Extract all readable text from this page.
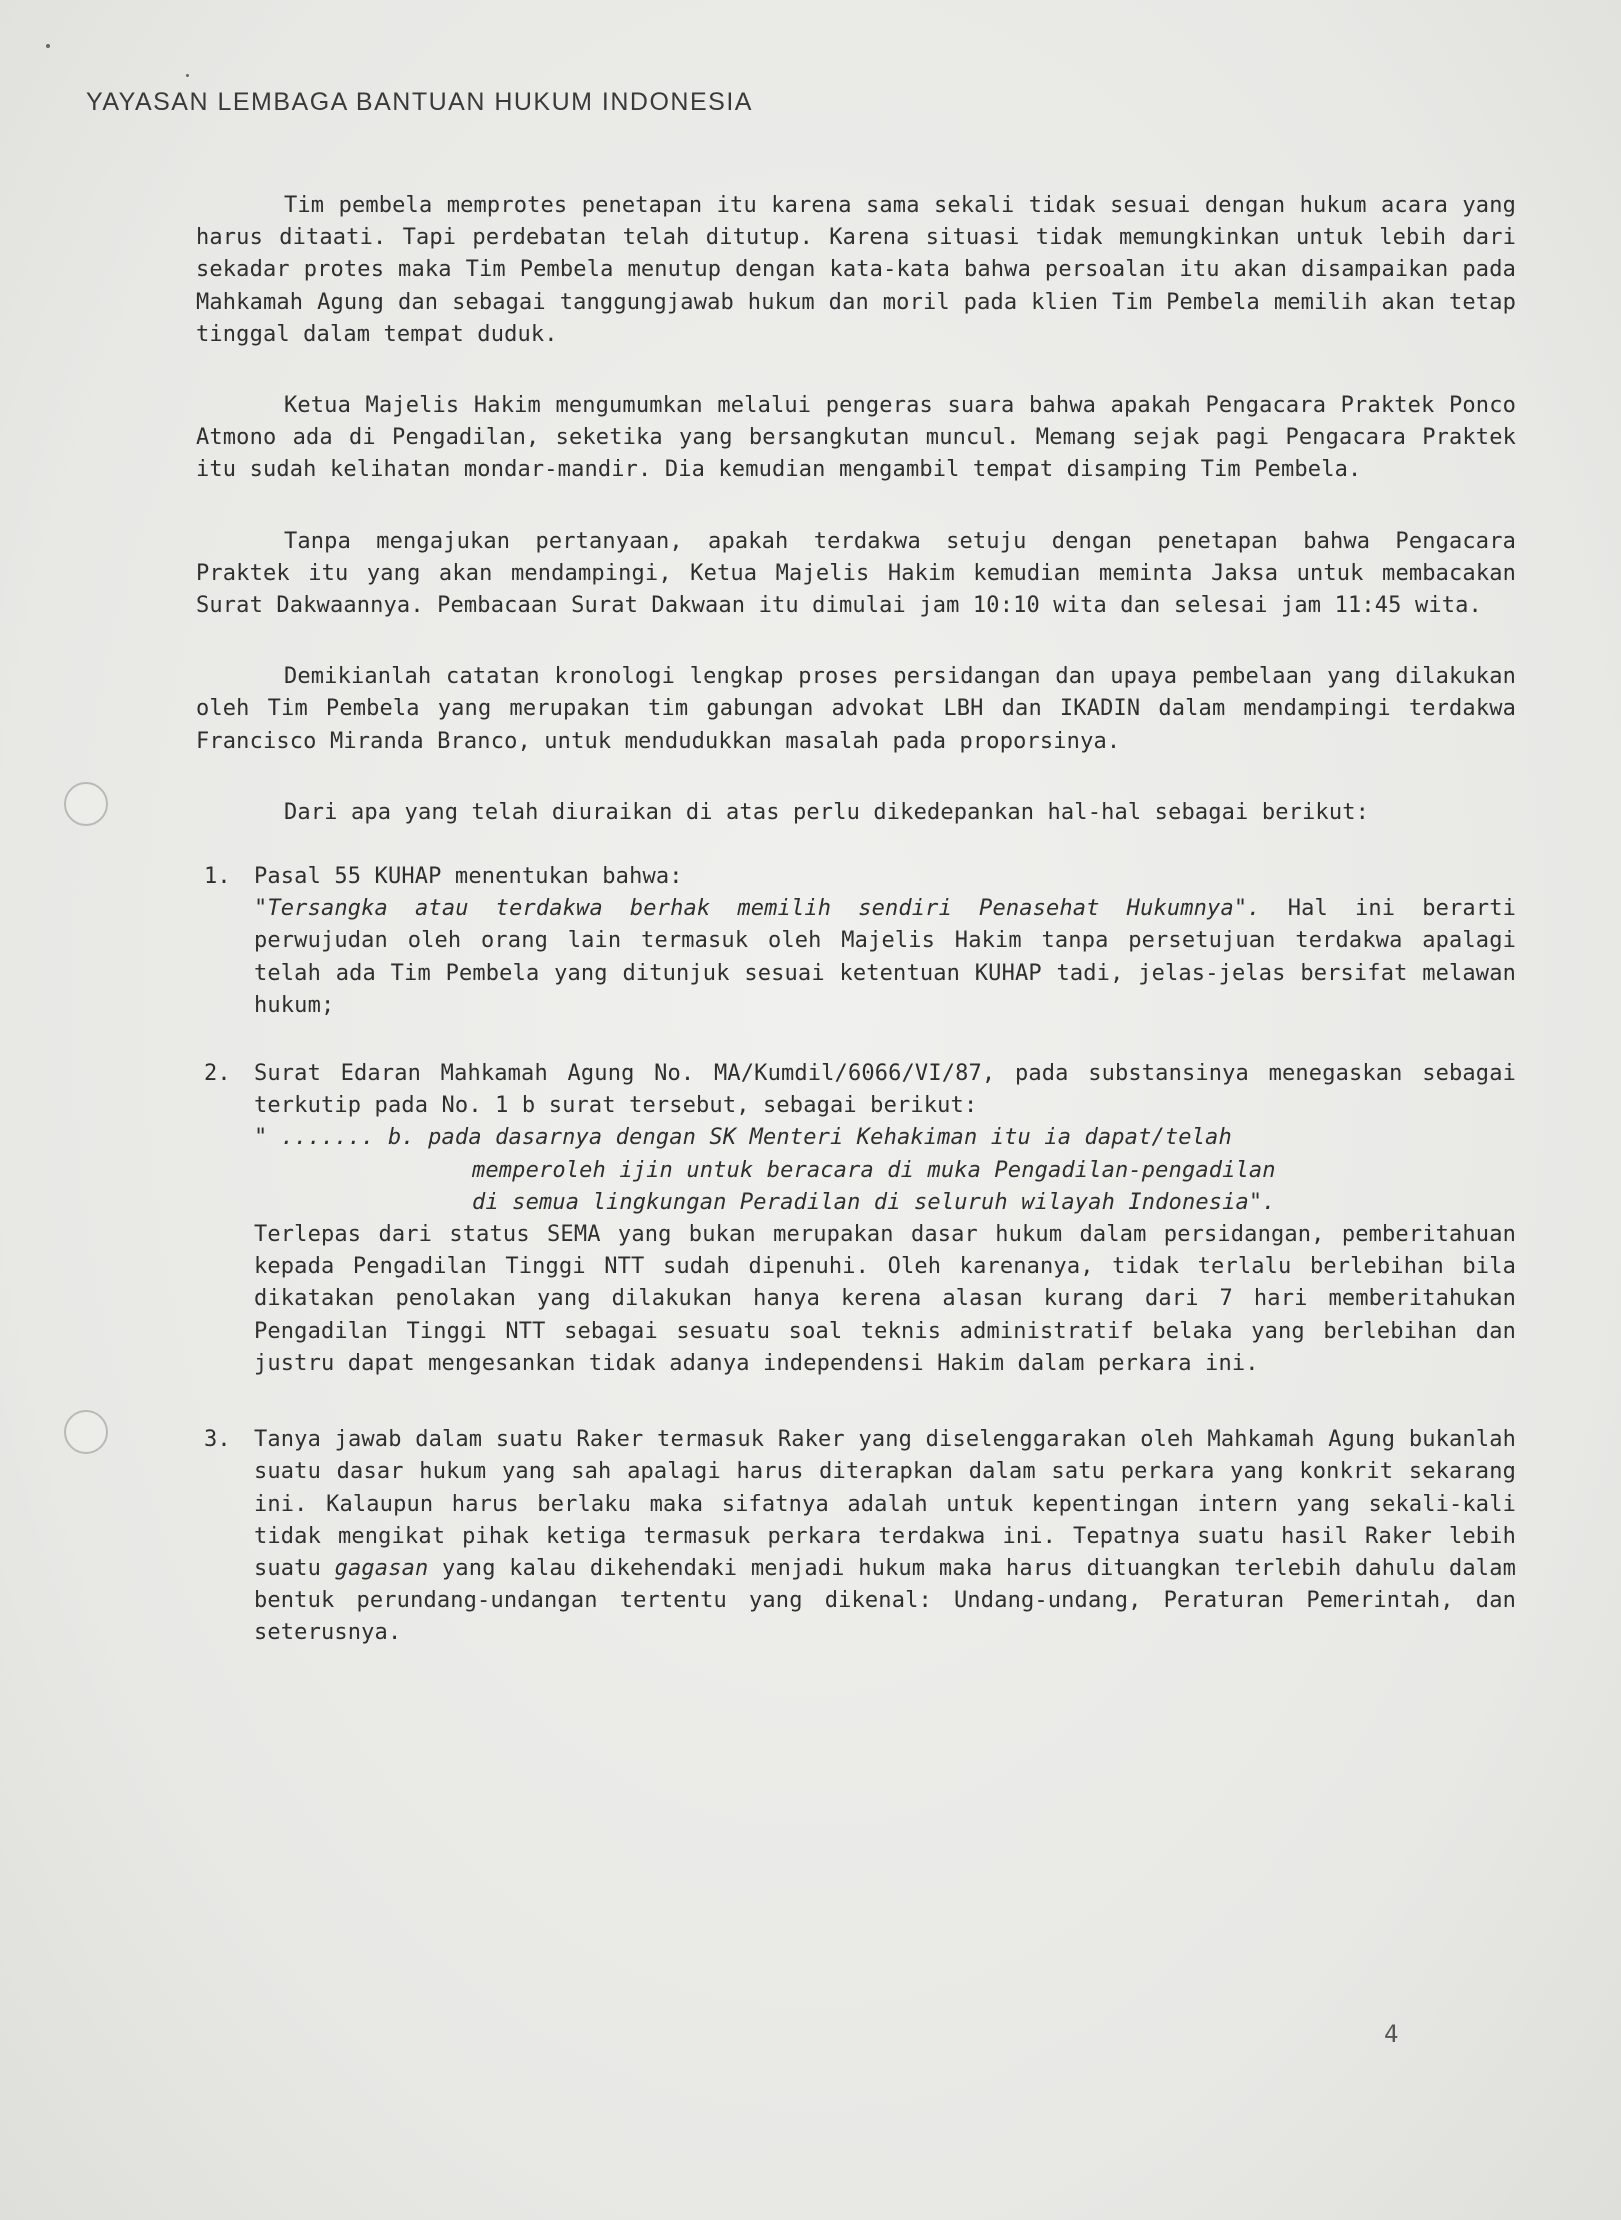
YAYASAN LEMBAGA BANTUAN HUKUM INDONESIA

Tim pembela memprotes penetapan itu karena sama sekali tidak sesuai dengan hukum acara yang harus ditaati. Tapi perdebatan telah ditutup. Karena situasi tidak memungkinkan untuk lebih dari sekadar protes maka Tim Pembela menutup dengan kata-kata bahwa persoalan itu akan disampaikan pada Mahkamah Agung dan sebagai tanggungjawab hukum dan moril pada klien Tim Pembela memilih akan tetap tinggal dalam tempat duduk.

Ketua Majelis Hakim mengumumkan melalui pengeras suara bahwa apakah Pengacara Praktek Ponco Atmono ada di Pengadilan, seketika yang bersangkutan muncul. Memang sejak pagi Pengacara Praktek itu sudah kelihatan mondar-mandir. Dia kemudian mengambil tempat disamping Tim Pembela.

Tanpa mengajukan pertanyaan, apakah terdakwa setuju dengan penetapan bahwa Pengacara Praktek itu yang akan mendampingi, Ketua Majelis Hakim kemudian meminta Jaksa untuk membacakan Surat Dakwaannya. Pembacaan Surat Dakwaan itu dimulai jam 10:10 wita dan selesai jam 11:45 wita.

Demikianlah catatan kronologi lengkap proses persidangan dan upaya pembelaan yang dilakukan oleh Tim Pembela yang merupakan tim gabungan advokat LBH dan IKADIN dalam mendampingi terdakwa Francisco Miranda Branco, untuk mendudukkan masalah pada proporsinya.

Dari apa yang telah diuraikan di atas perlu dikedepankan hal-hal sebagai berikut:

1.	Pasal 55 KUHAP menentukan bahwa:
"Tersangka atau terdakwa berhak memilih sendiri Penasehat Hukumnya". Hal ini berarti perwujudan oleh orang lain termasuk oleh Majelis Hakim tanpa persetujuan terdakwa apalagi telah ada Tim Pembela yang ditunjuk sesuai ketentuan KUHAP tadi, jelas-jelas bersifat melawan hukum;
2.	Surat Edaran Mahkamah Agung No. MA/Kumdil/6066/VI/87, pada substansinya menegaskan sebagai terkutip pada No. 1 b surat tersebut, sebagai berikut:
" ....... b. pada dasarnya dengan SK Menteri Kehakiman itu ia dapat/telah
memperoleh ijin untuk beracara di muka Pengadilan-pengadilan
di semua lingkungan Peradilan di seluruh wilayah Indonesia".
Terlepas dari status SEMA yang bukan merupakan dasar hukum dalam persidangan, pemberitahuan kepada Pengadilan Tinggi NTT sudah dipenuhi. Oleh karenanya, tidak terlalu berlebihan bila dikatakan penolakan yang dilakukan hanya kerena alasan kurang dari 7 hari memberitahukan Pengadilan Tinggi NTT sebagai sesuatu soal teknis administratif belaka yang berlebihan dan justru dapat mengesankan tidak adanya independensi Hakim dalam perkara ini.
3.	Tanya jawab dalam suatu Raker termasuk Raker yang diselenggarakan oleh Mahkamah Agung bukanlah suatu dasar hukum yang sah apalagi harus diterapkan dalam satu perkara yang konkrit sekarang ini. Kalaupun harus berlaku maka sifatnya adalah untuk kepentingan intern yang sekali-kali tidak mengikat pihak ketiga termasuk perkara terdakwa ini. Tepatnya suatu hasil Raker lebih suatu gagasan yang kalau dikehendaki menjadi hukum maka harus dituangkan terlebih dahulu dalam bentuk perundang-undangan tertentu yang dikenal: Undang-undang, Peraturan Pemerintah, dan seterusnya.
4
